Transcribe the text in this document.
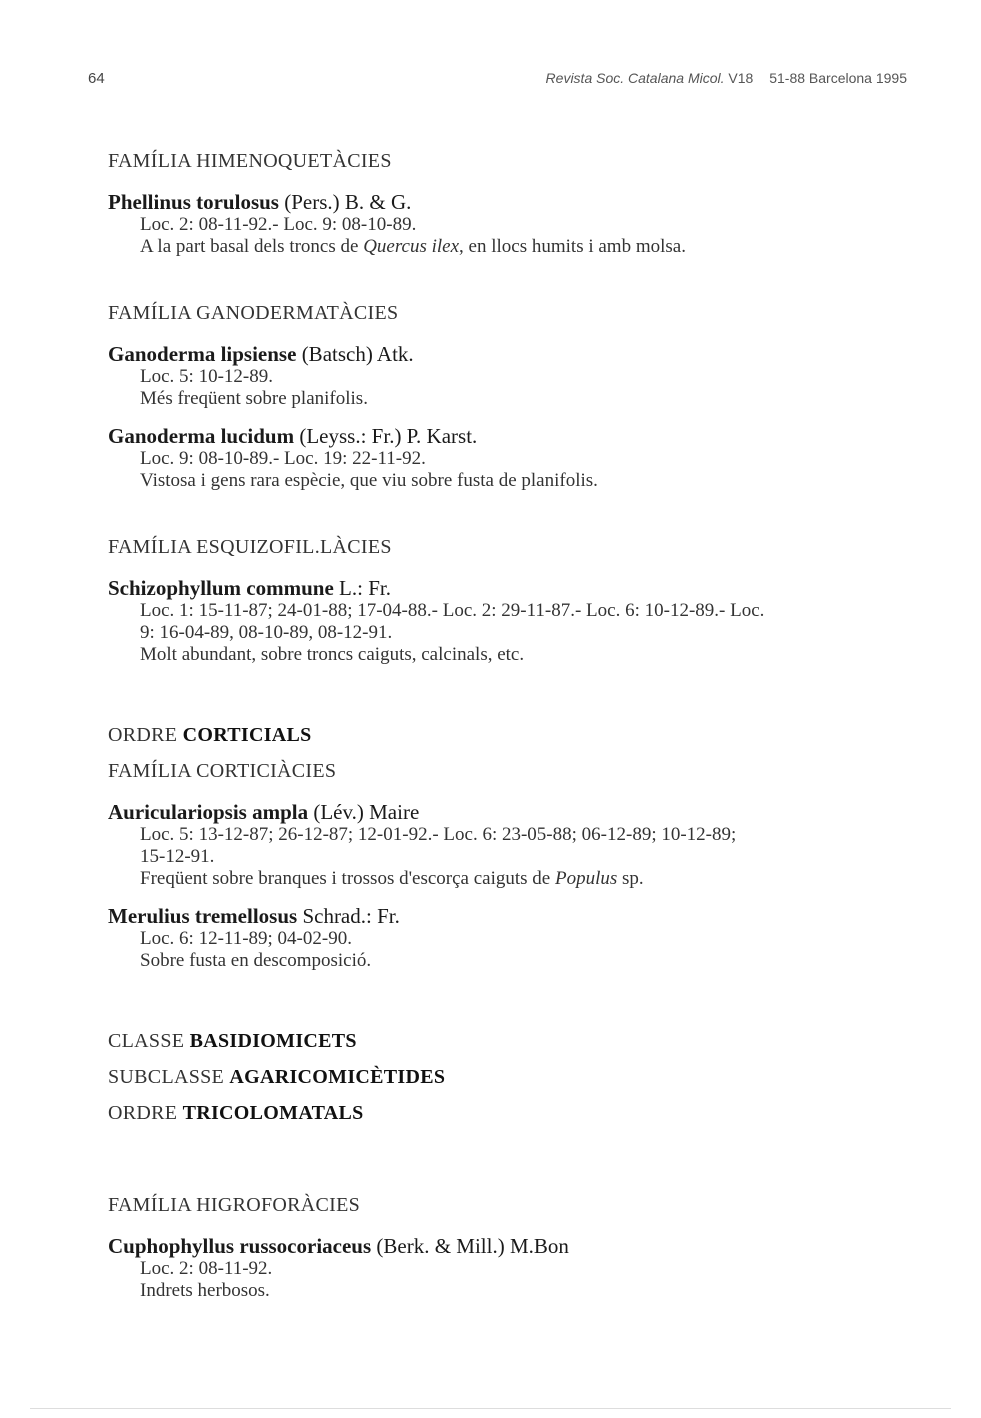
64	Revista Soc. Catalana Micol. V18 51-88 Barcelona 1995
FAMÍLIA HIMENOQUETÀCIES
Phellinus torulosus (Pers.) B. & G.
Loc. 2: 08-11-92.- Loc. 9: 08-10-89.
A la part basal dels troncs de Quercus ilex, en llocs humits i amb molsa.
FAMÍLIA GANODERMATÀCIES
Ganoderma lipsiense (Batsch) Atk.
Loc. 5: 10-12-89.
Més freqüent sobre planifolis.
Ganoderma lucidum (Leyss.: Fr.) P. Karst.
Loc. 9: 08-10-89.- Loc. 19: 22-11-92.
Vistosa i gens rara espècie, que viu sobre fusta de planifolis.
FAMÍLIA ESQUIZOFIL.LÀCIES
Schizophyllum commune L.: Fr.
Loc. 1: 15-11-87; 24-01-88; 17-04-88.- Loc. 2: 29-11-87.- Loc. 6: 10-12-89.- Loc.
9: 16-04-89, 08-10-89, 08-12-91.
Molt abundant, sobre troncs caiguts, calcinals, etc.
ORDRE CORTICIALS
FAMÍLIA CORTICIÀCIES
Auriculariopsis ampla (Lév.) Maire
Loc. 5: 13-12-87; 26-12-87; 12-01-92.- Loc. 6: 23-05-88; 06-12-89; 10-12-89;
15-12-91.
Freqüent sobre branques i trossos d'escorça caiguts de Populus sp.
Merulius tremellosus Schrad.: Fr.
Loc. 6: 12-11-89; 04-02-90.
Sobre fusta en descomposició.
CLASSE BASIDIOMICETS
SUBCLASSE AGARICOMICÈTIDES
ORDRE TRICOLOMATALS
FAMÍLIA HIGROFORÀCIES
Cuphophyllus russocoriaceus (Berk. & Mill.) M.Bon
Loc. 2: 08-11-92.
Indrets herbosos.
